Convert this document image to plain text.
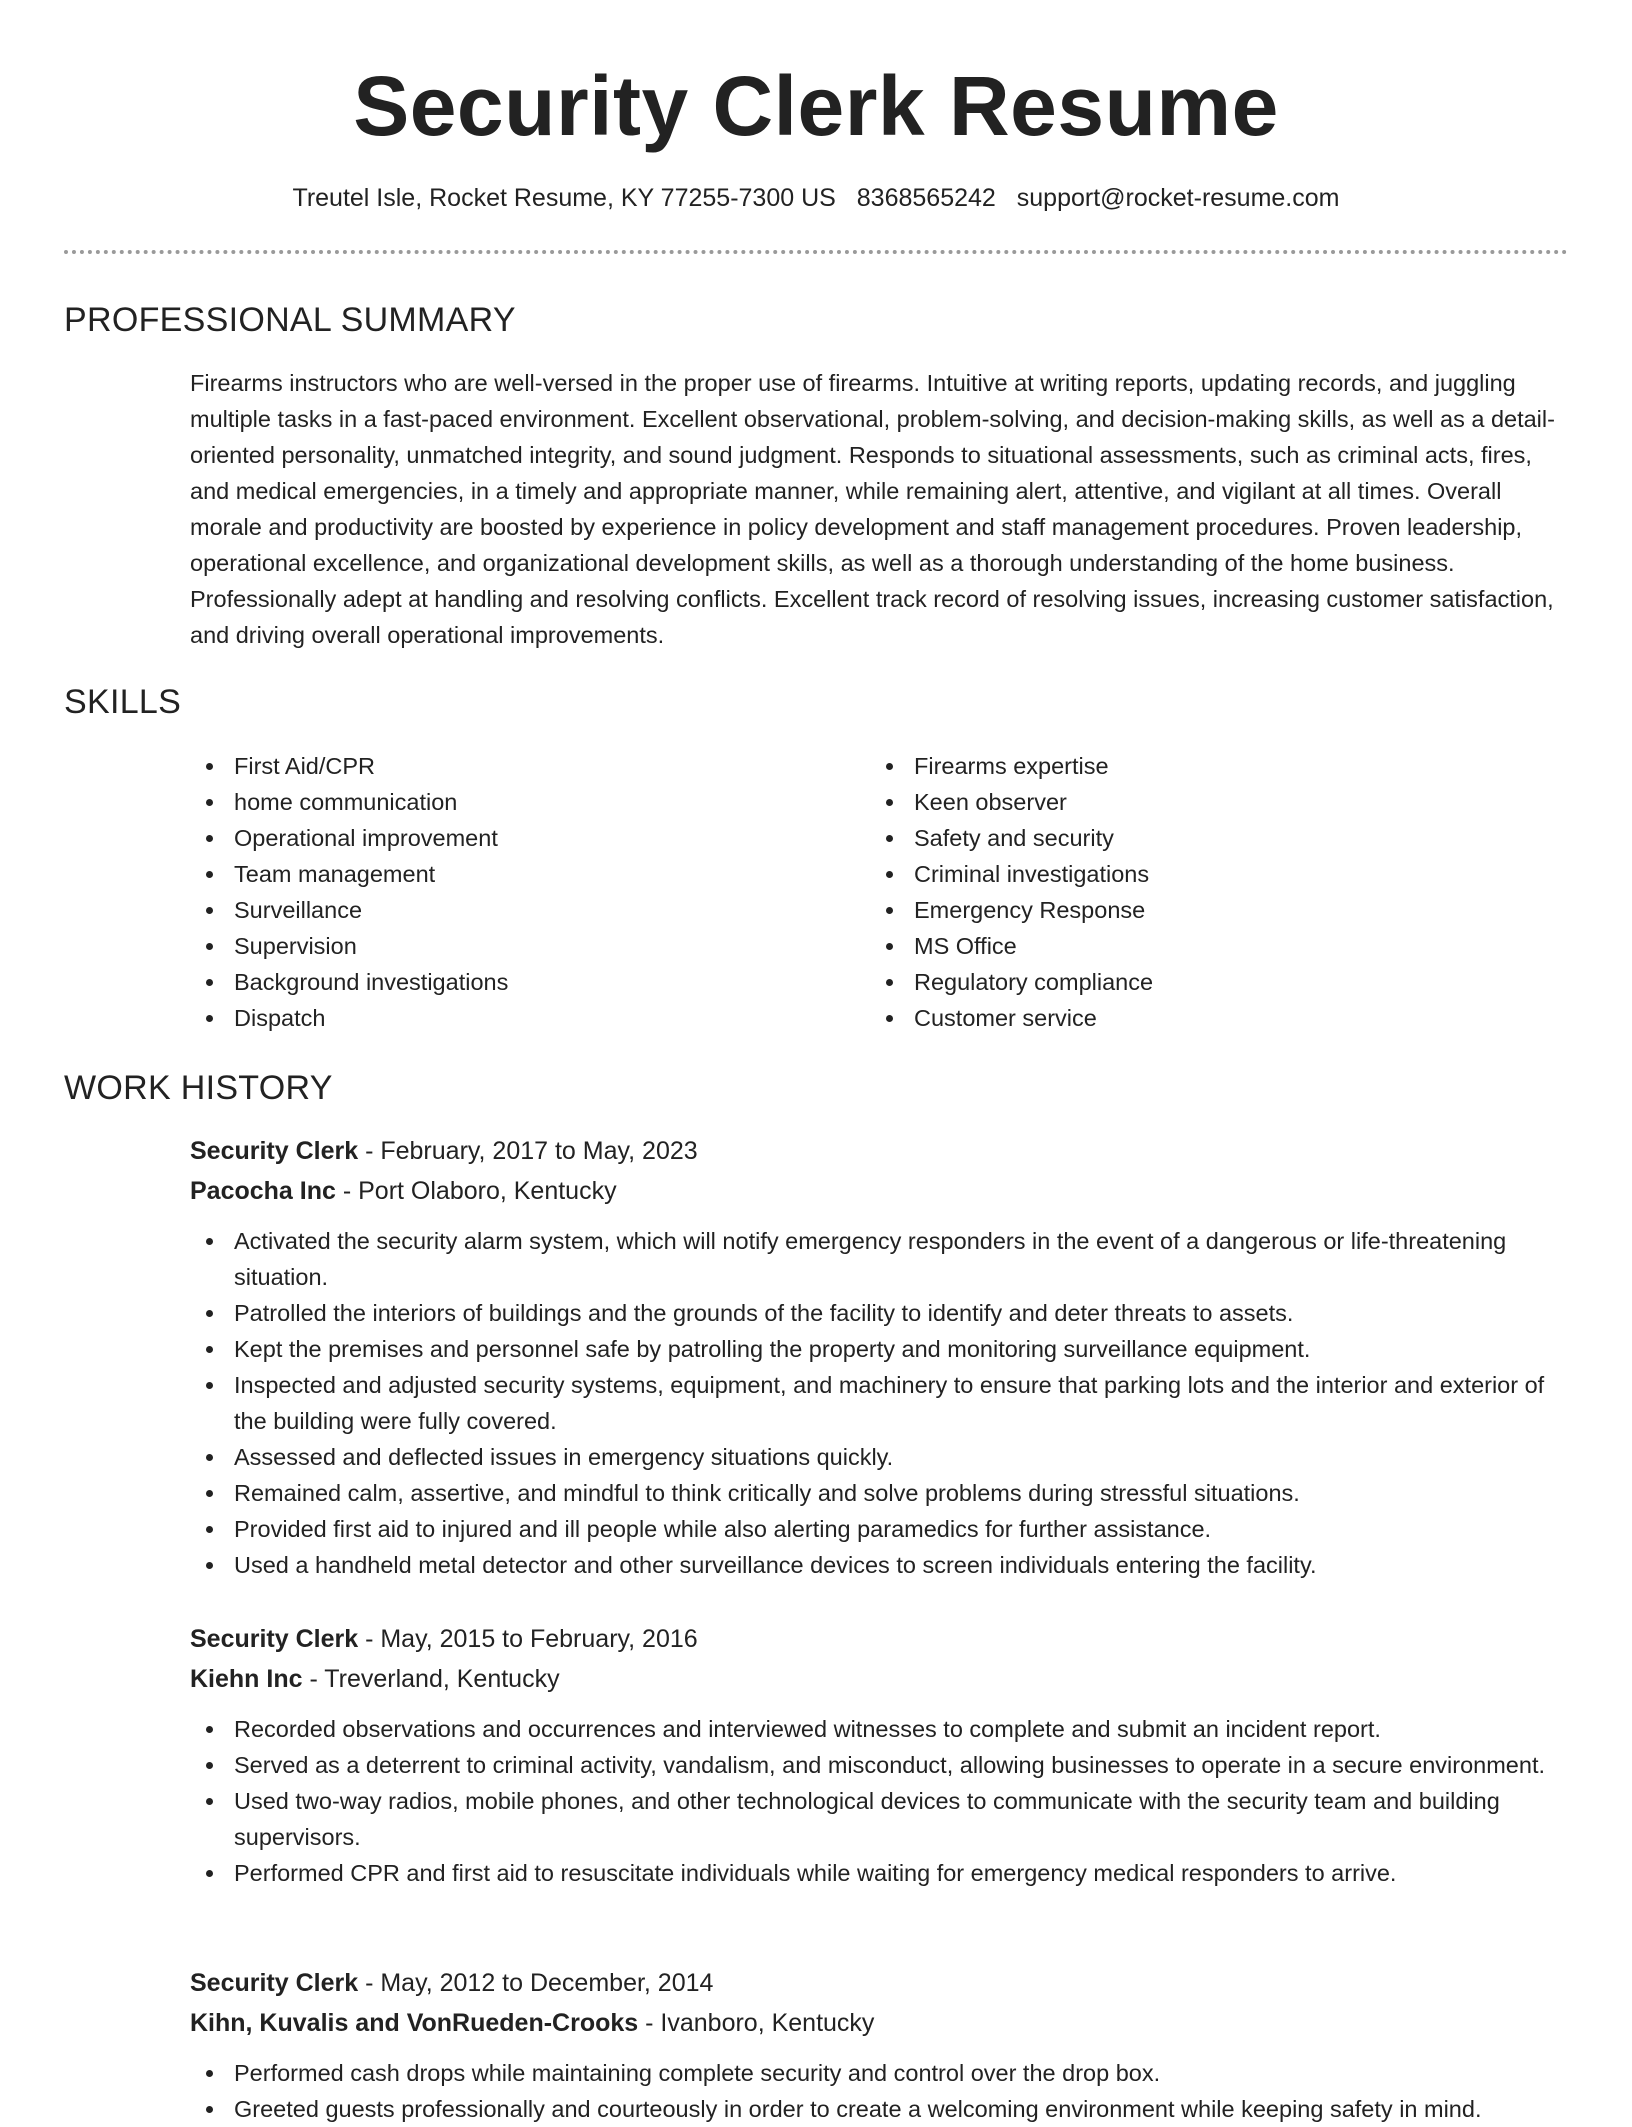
Security Clerk Resume
Treutel Isle, Rocket Resume, KY 77255-7300 US 8368565242 support@rocket-resume.com
PROFESSIONAL SUMMARY

Firearms instructors who are well-versed in the proper use of firearms. Intuitive at writing reports, updating records, and juggling multiple tasks in a fast-paced environment. Excellent observational, problem-solving, and decision-making skills, as well as a detail-oriented personality, unmatched integrity, and sound judgment. Responds to situational assessments, such as criminal acts, fires, and medical emergencies, in a timely and appropriate manner, while remaining alert, attentive, and vigilant at all times. Overall morale and productivity are boosted by experience in policy development and staff management procedures. Proven leadership, operational excellence, and organizational development skills, as well as a thorough understanding of the home business. Professionally adept at handling and resolving conflicts. Excellent track record of resolving issues, increasing customer satisfaction, and driving overall operational improvements.

SKILLS
First Aid/CPR
home communication
Operational improvement
Team management
Surveillance
Supervision
Background investigations
Dispatch
Firearms expertise
Keen observer
Safety and security
Criminal investigations
Emergency Response
MS Office
Regulatory compliance
Customer service
WORK HISTORY

Security Clerk - February, 2017 to May, 2023

Pacocha Inc - Port Olaboro, Kentucky

Activated the security alarm system, which will notify emergency responders in the event of a dangerous or life-threatening situation.
Patrolled the interiors of buildings and the grounds of the facility to identify and deter threats to assets.
Kept the premises and personnel safe by patrolling the property and monitoring surveillance equipment.
Inspected and adjusted security systems, equipment, and machinery to ensure that parking lots and the interior and exterior of the building were fully covered.
Assessed and deflected issues in emergency situations quickly.
Remained calm, assertive, and mindful to think critically and solve problems during stressful situations.
Provided first aid to injured and ill people while also alerting paramedics for further assistance.
Used a handheld metal detector and other surveillance devices to screen individuals entering the facility.

Security Clerk - May, 2015 to February, 2016

Kiehn Inc - Treverland, Kentucky

Recorded observations and occurrences and interviewed witnesses to complete and submit an incident report.
Served as a deterrent to criminal activity, vandalism, and misconduct, allowing businesses to operate in a secure environment.
Used two-way radios, mobile phones, and other technological devices to communicate with the security team and building supervisors.
Performed CPR and first aid to resuscitate individuals while waiting for emergency medical responders to arrive.

Security Clerk - May, 2012 to December, 2014

Kihn, Kuvalis and VonRueden-Crooks - Ivanboro, Kentucky

Performed cash drops while maintaining complete security and control over the drop box.
Greeted guests professionally and courteously in order to create a welcoming environment while keeping safety in mind.
